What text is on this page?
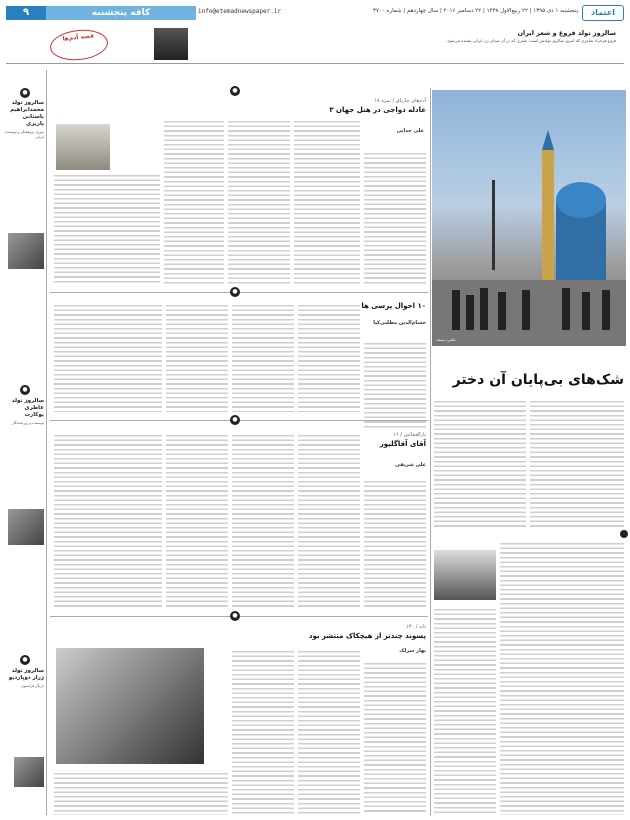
۹	کافه پنجشنبه	info@etemadnewspaper.ir	پنجشنبه ۱ دی ۱۳۹۵ | ۲۲ ربیع‌الاول ۱۴۳۸ | ۲۲ دسامبر ۲۰۱۶ | سال چهاردهم | شماره ۳۷۰۰	اعتماد
قصه آدم‌ها	سالروز تولد فروغ و شعر ایران
فروغ فرخزاد شاعری که امروز سالروز تولدش است؛ شعری که در آن صدای زن ایرانی شنیده می‌شود.
●
سالروز تولد محمدابراهیم باستانی پاریزی
مورخ، پژوهشگر و نویسنده ایرانی
●
سالروز تولد عاطری پوکارت
نویسنده و روزنامه‌نگار
●
سالروز تولد ژرار دوپاردیو
بازیگر فرانسوی
●
آدم‌های چارپاق / نمره ۱۸
عادله دواجی در هتل جهان ۳
علی خدایی
●
۱۰ احوال پرسی ها
حسام‌الدین مطلبی‌کیا
●
بازالعجائبی / ۱۶
آقای آقاگلپور
علی شریفی
●
تابه / ۱۳۰
پسوند چندتر از هیچکاک منتشر بود
بهار سرلک
عکس: مسجد
شک‌های بی‌پایان آن دختر
